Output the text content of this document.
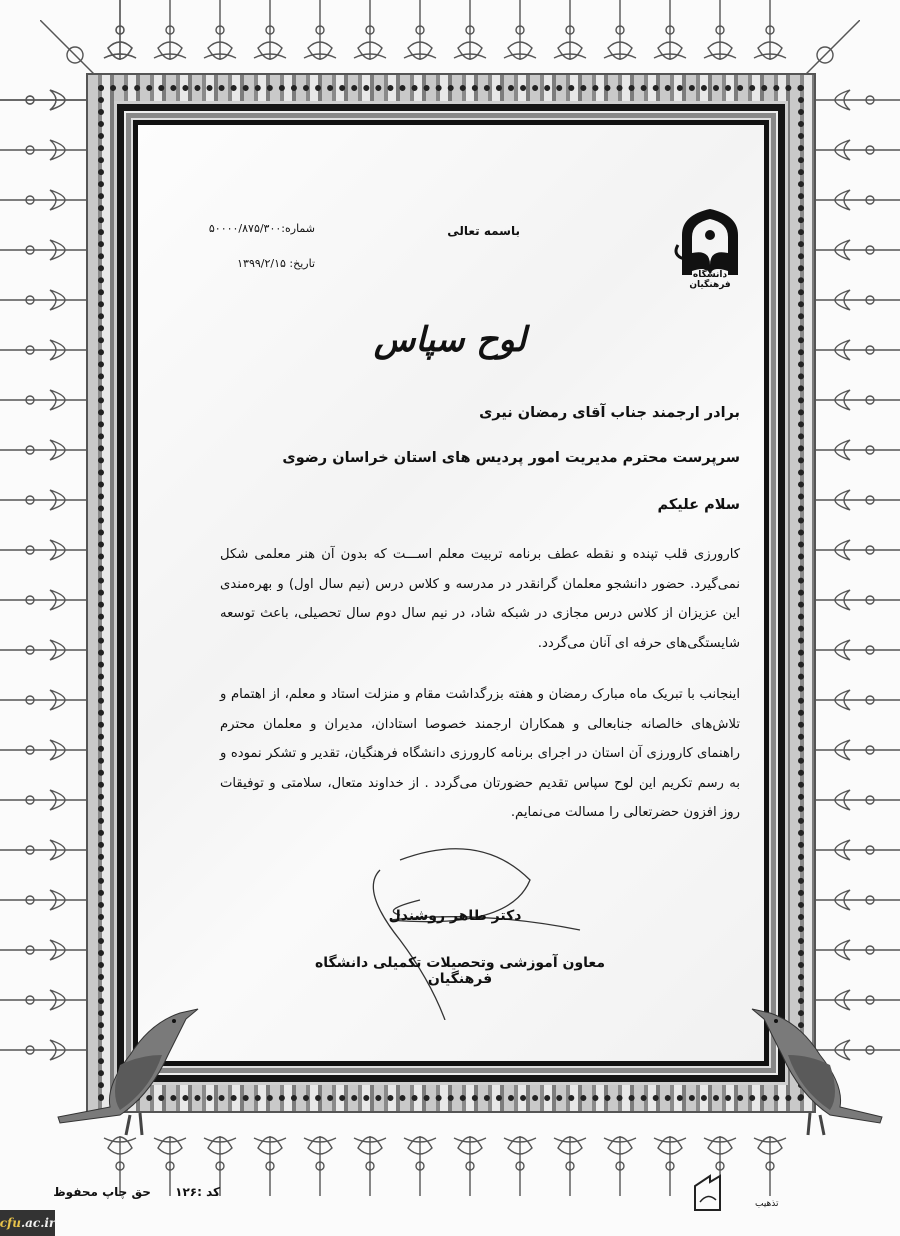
دانشگاه فرهنگیان
باسمه تعالی
شماره:۵۰۰۰۰/۸۷۵/۳۰۰
تاریخ: ۱۳۹۹/۲/۱۵
لوح سپاس
برادر ارجمند جناب آقای رمضان نیری
سرپرست محترم مدیریت امور پردیس های استان خراسان رضوی
سلام علیکم

کارورزی قلب تپنده و نقطه عطف برنامه تربیت معلم اســـت که بدون آن هنر معلمی شکل نمی‌گیرد. حضور دانشجو معلمان گرانقدر در مدرسه و کلاس درس (نیم سال اول) و بهره‌مندی این عزیزان از کلاس درس مجازی در شبکه شاد، در نیم سال دوم سال تحصیلی، باعث توسعه شایستگی‌های حرفه ای آنان می‌گردد.

اینجانب با تبریک ماه مبارک رمضان و هفته بزرگداشت مقام و منزلت استاد و معلم، از اهتمام و تلاش‌های خالصانه جنابعالی و همکاران ارجمند خصوصا استادان، مدیران و معلمان محترم راهنمای کارورزی آن استان در اجرای برنامه کارورزی دانشگاه فرهنگیان، تقدیر و تشکر نموده و به رسم تکریم این لوح سپاس تقدیم حضورتان می‌گردد . از خداوند متعال، سلامتی و توفیقات روز افزون حضرتعالی را مسالت می‌نمایم.

دکتر طاهر روشندل
معاون آموزشی وتحصیلات تکمیلی دانشگاه فرهنگیان
کد :۱۲۶ حق چاپ محفوظ
تذهیب
cfu .ac.ir
